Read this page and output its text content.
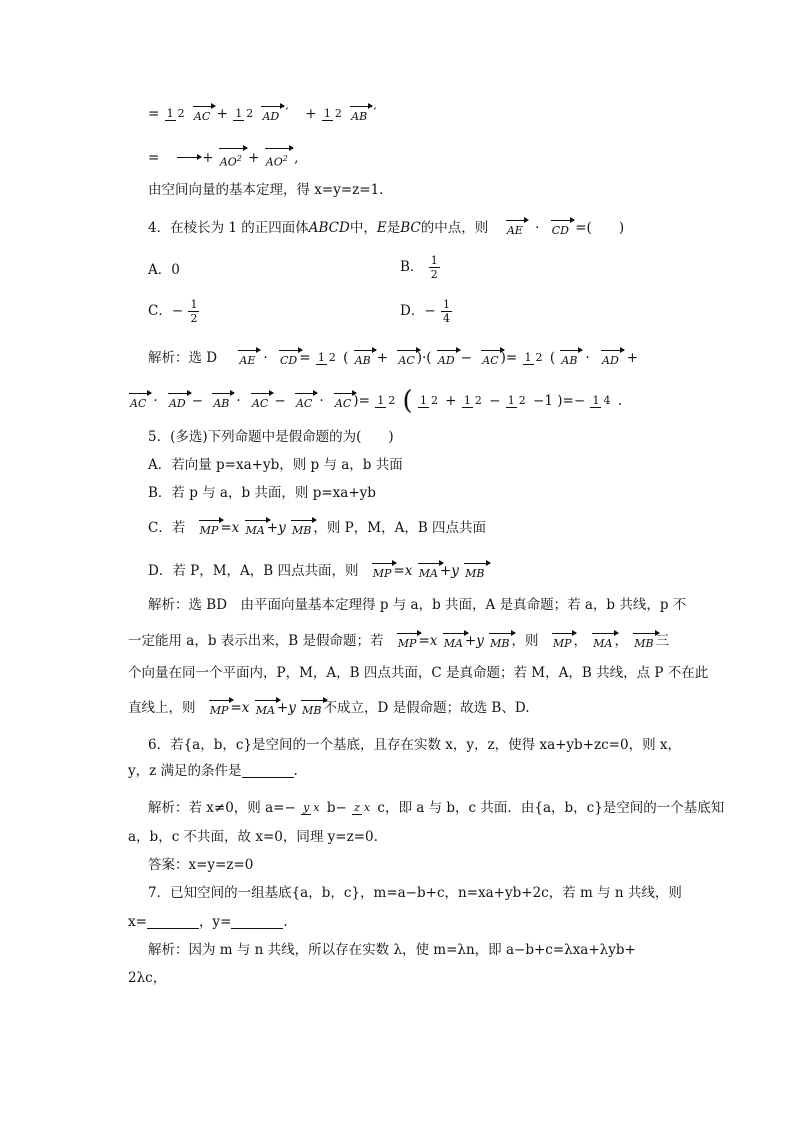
= 1 2 AC + 1 2 AD ′ + 1 2 AB ′
=	+ $AO^2 + AO^2$ ,
由空间向量的基本定理，得 x=y=z=1.
4．在棱长为 1 的正四面体ABCD中，E是BC的中点，则 AE · CD =(　　)
A．0	B． $\frac{1}{2}$
C．− $\frac{1}{2}$	D．− $\frac{1}{4}$
解析：选 D AE · CD = 1 2 ( AB + AC )·( AD − AC )= 1 2 ( AB · AD +
AC · AD − AB · AC − AC · AC )= 1 2 ( 1 2 + 1 2 − 1 2 −1 )=− 1 4 .
5．(多选)下列命题中是假命题的为(　　)
A．若向量 p=xa+yb，则 p 与 a，b 共面
B．若 p 与 a，b 共面，则 p=xa+yb
C．若 MP =x MA +y MB ，则 P，M，A，B 四点共面
D．若 P，M，A，B 四点共面，则 MP =x MA +y MB
解析：选 BD　由平面向量基本定理得 p 与 a，b 共面，A 是真命题；若 a，b 共线，p 不
一定能用 a，b 表示出来，B 是假命题；若 MP =x MA +y MB ，则 MP ， MA ， MB 三
个向量在同一个平面内，P，M，A，B 四点共面，C 是真命题；若 M，A，B 共线，点 P 不在此
直线上，则 MP =x MA +y MB 不成立，D 是假命题；故选 B、D.
6．若{a，b，c}是空间的一个基底，且存在实数 x，y，z，使得 xa+yb+zc=0，则 x，
y，z 满足的条件是	.
解析：若 x≠0，则 a=− y x b− z x c，即 a 与 b，c 共面．由{a，b，c}是空间的一个基底知
a，b，c 不共面，故 x=0，同理 y=z=0.
答案：x=y=z=0
7．已知空间的一组基底{a，b，c}，m=a−b+c，n=xa+yb+2c，若 m 与 n 共线，则
x=	，y=	.
解析：因为 m 与 n 共线，所以存在实数 λ，使 m=λn，即 a−b+c=λxa+λyb+
2λc，
